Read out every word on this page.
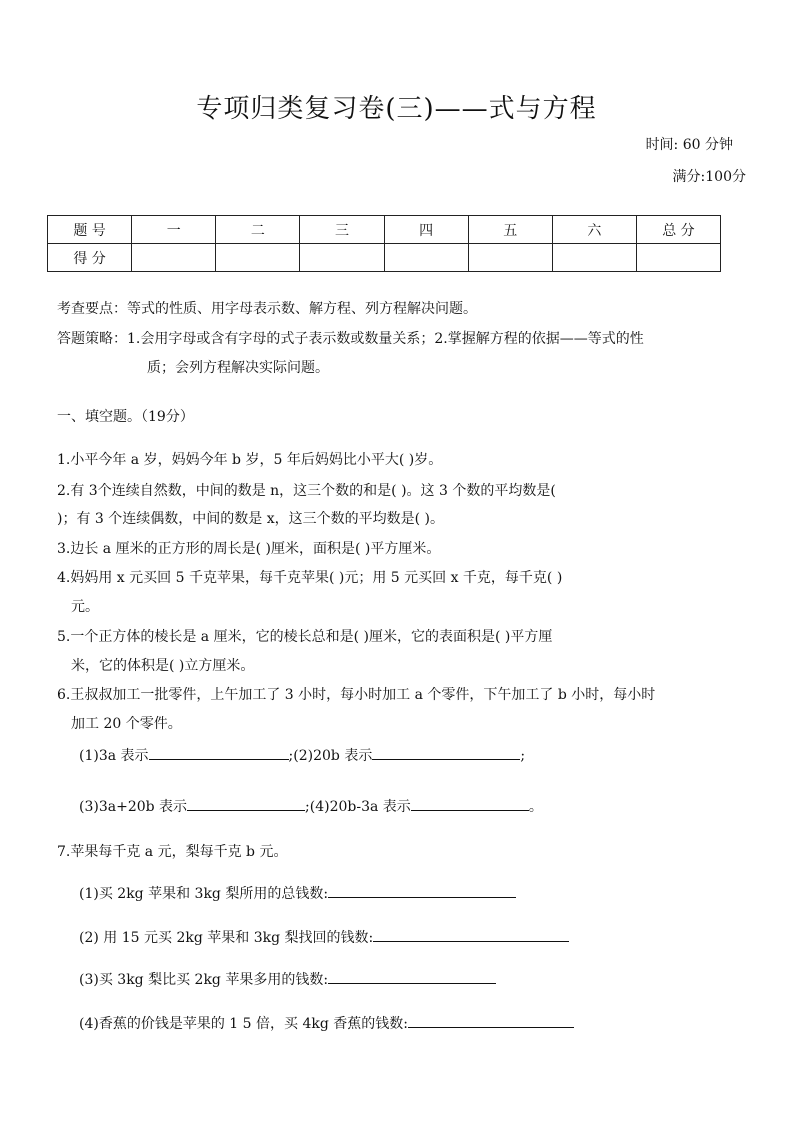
专项归类复习卷(三)——式与方程
时间: 60 分钟
满分:100分
题 号	一	二	三	四	五	六	总 分
得 分							
考查要点：等式的性质、用字母表示数、解方程、列方程解决问题。
答题策略：1.会用字母或含有字母的式子表示数或数量关系；2.掌握解方程的依据——等式的性
质；会列方程解决实际问题。
一、填空题。（19分）
1.小平今年 a 岁，妈妈今年 b 岁，5 年后妈妈比小平大( )岁。
2.有 3个连续自然数，中间的数是 n，这三个数的和是( )。这 3 个数的平均数是(
)；有 3 个连续偶数，中间的数是 x，这三个数的平均数是( )。
3.边长 a 厘米的正方形的周长是( )厘米，面积是( )平方厘米。
4.妈妈用 x 元买回 5 千克苹果，每千克苹果( )元；用 5 元买回 x 千克，每千克( )
元。
5.一个正方体的棱长是 a 厘米，它的棱长总和是( )厘米，它的表面积是( )平方厘
米，它的体积是( )立方厘米。
6.王叔叔加工一批零件，上午加工了 3 小时，每小时加工 a 个零件，下午加工了 b 小时，每小时
加工 20 个零件。
(1)3a 表示	;(2)20b 表示	;
(3)3a+20b 表示	;(4)20b-3a 表示	。
7.苹果每千克 a 元，梨每千克 b 元。
(1)买 2kg 苹果和 3kg 梨所用的总钱数:
(2) 用 15 元买 2kg 苹果和 3kg 梨找回的钱数:
(3)买 3kg 梨比买 2kg 苹果多用的钱数:
(4)香蕉的价钱是苹果的 1 5 倍，买 4kg 香蕉的钱数:
